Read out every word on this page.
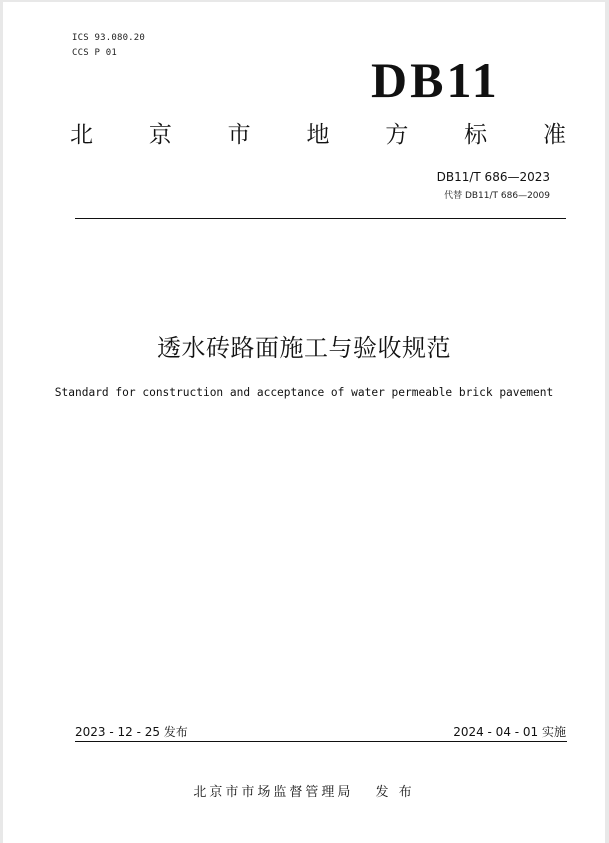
ICS 93.080.20
CCS P 01	DB11
北 京 市 地 方 标 准
DB11/T 686—2023
代替 DB11/T 686—2009
透水砖路面施工与验收规范
Standard for construction and acceptance of water permeable brick pavement
2023 - 12 - 25 发布	2024 - 04 - 01 实施
北京市市场监督管理局 发 布
